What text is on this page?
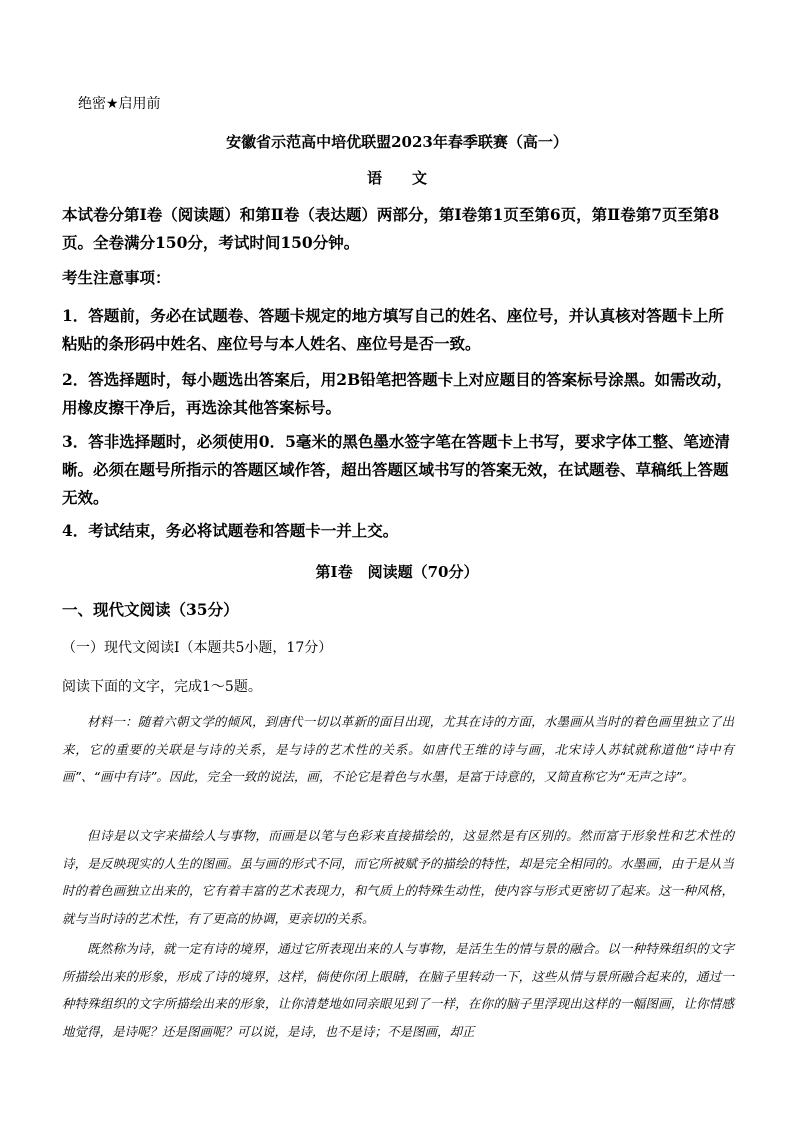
绝密★启用前
安徽省示范高中培优联盟2023年春季联赛（高一）
语文
本试卷分第Ⅰ卷（阅读题）和第Ⅱ卷（表达题）两部分，第Ⅰ卷第1页至第6页，第Ⅱ卷第7页至第8页。全卷满分150分，考试时间150分钟。
考生注意事项：
1．答题前，务必在试题卷、答题卡规定的地方填写自己的姓名、座位号，并认真核对答题卡上所粘贴的条形码中姓名、座位号与本人姓名、座位号是否一致。
2．答选择题时，每小题选出答案后，用2B铅笔把答题卡上对应题目的答案标号涂黑。如需改动，用橡皮擦干净后，再选涂其他答案标号。
3．答非选择题时，必须使用0．5毫米的黑色墨水签字笔在答题卡上书写，要求字体工整、笔迹清晰。必须在题号所指示的答题区域作答，超出答题区域书写的答案无效，在试题卷、草稿纸上答题无效。
4．考试结束，务必将试题卷和答题卡一并上交。
第Ⅰ卷　阅读题（70分）
一、现代文阅读（35分）
（一）现代文阅读Ⅰ（本题共5小题，17分）
阅读下面的文字，完成1～5题。
材料一：随着六朝文学的倾风，到唐代一切以革新的面目出现，尤其在诗的方面，水墨画从当时的着色画里独立了出来，它的重要的关联是与诗的关系，是与诗的艺术性的关系。如唐代王维的诗与画，北宋诗人苏轼就称道他“诗中有画”、“画中有诗”。因此，完全一致的说法，画，不论它是着色与水墨，是富于诗意的，又简直称它为“无声之诗”。
但诗是以文字来描绘人与事物，而画是以笔与色彩来直接描绘的，这显然是有区别的。然而富于形象性和艺术性的诗，是反映现实的人生的图画。虽与画的形式不同，而它所被赋予的描绘的特性，却是完全相同的。水墨画，由于是从当时的着色画独立出来的，它有着丰富的艺术表现力，和气质上的特殊生动性，使内容与形式更密切了起来。这一种风格，就与当时诗的艺术性，有了更高的协调，更亲切的关系。
既然称为诗，就一定有诗的境界，通过它所表现出来的人与事物，是活生生的情与景的融合。以一种特殊组织的文字所描绘出来的形象，形成了诗的境界，这样，倘使你闭上眼睛，在脑子里转动一下，这些从情与景所融合起来的，通过一种特殊组织的文字所描绘出来的形象，让你清楚地如同亲眼见到了一样，在你的脑子里浮现出这样的一幅图画，让你情感地觉得，是诗呢？还是图画呢？可以说，是诗，也不是诗；不是图画，却正
